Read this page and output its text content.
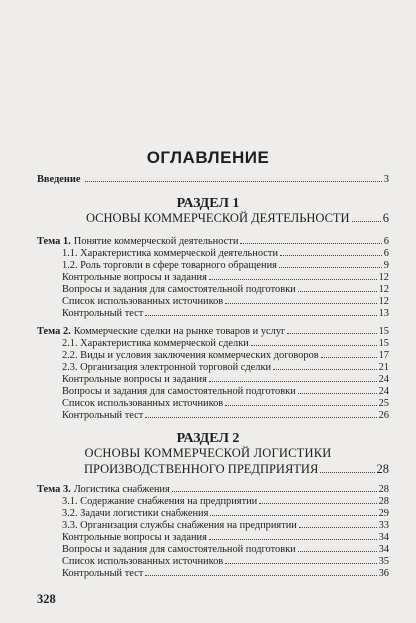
ОГЛАВЛЕНИЕ
Введение	3
РАЗДЕЛ 1
ОСНОВЫ КОММЕРЧЕСКОЙ ДЕЯТЕЛЬНОСТИ	6
Тема 1. Понятие коммерческой деятельности	6
1.1. Характеристика коммерческой деятельности	6
1.2. Роль торговли в сфере товарного обращения	9
Контрольные вопросы и задания	12
Вопросы и задания для самостоятельной подготовки	12
Список использованных источников	12
Контрольный тест	13
Тема 2. Коммерческие сделки на рынке товаров и услуг	15
2.1. Характеристика коммерческой сделки	15
2.2. Виды и условия заключения коммерческих договоров	17
2.3. Организация электронной торговой сделки	21
Контрольные вопросы и задания	24
Вопросы и задания для самостоятельной подготовки	24
Список использованных источников	25
Контрольный тест	26
РАЗДЕЛ 2
ОСНОВЫ КОММЕРЧЕСКОЙ ЛОГИСТИКИ
ПРОИЗВОДСТВЕННОГО ПРЕДПРИЯТИЯ	28
Тема 3. Логистика снабжения	28
3.1. Содержание снабжения на предприятии	28
3.2. Задачи логистики снабжения	29
3.3. Организация службы снабжения на предприятии	33
Контрольные вопросы и задания	34
Вопросы и задания для самостоятельной подготовки	34
Список использованных источников	35
Контрольный тест	36
328
